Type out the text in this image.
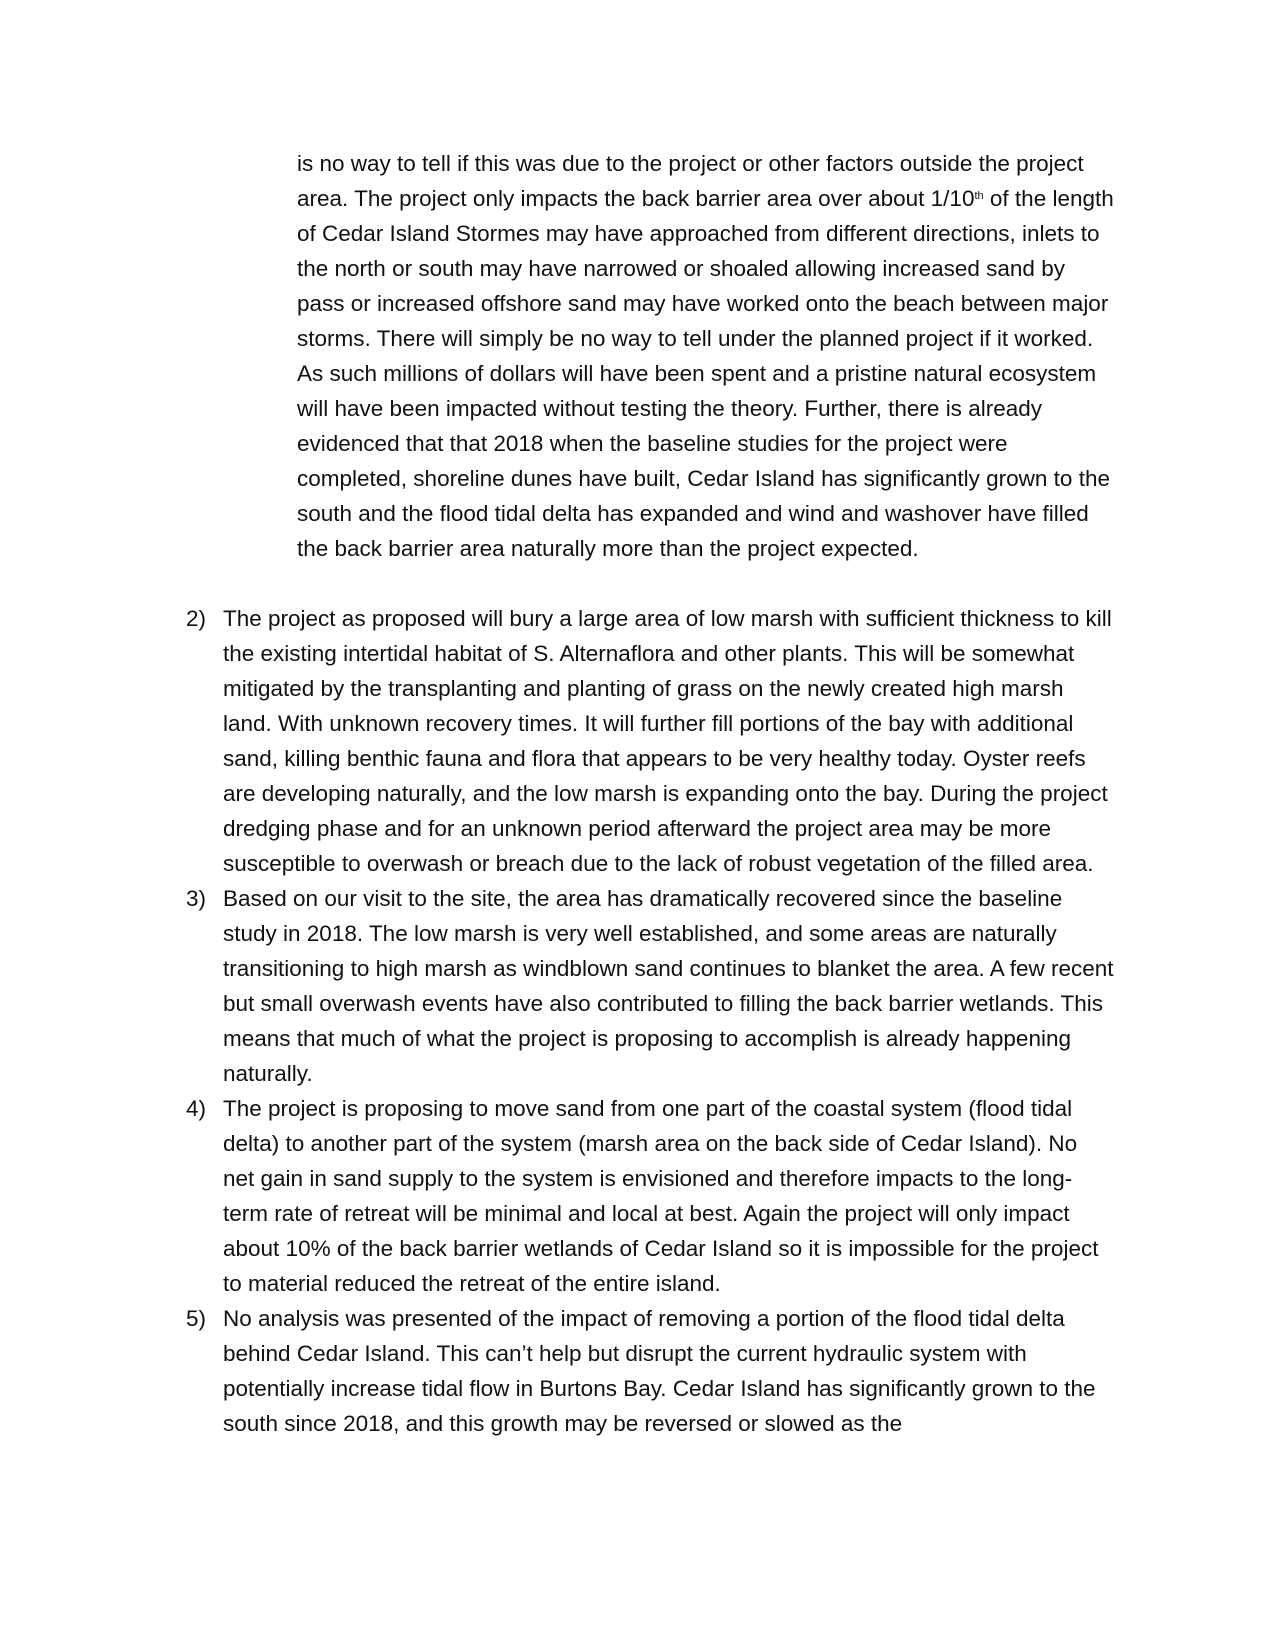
is no way to tell if this was due to the project or other factors outside the project area. The project only impacts the back barrier area over about 1/10th of the length of Cedar Island Stormes may have approached from different directions, inlets to the north or south may have narrowed or shoaled allowing increased sand by pass or increased offshore sand may have worked onto the beach between major storms. There will simply be no way to tell under the planned project if it worked. As such millions of dollars will have been spent and a pristine natural ecosystem will have been impacted without testing the theory. Further, there is already evidenced that that 2018 when the baseline studies for the project were completed, shoreline dunes have built, Cedar Island has significantly grown to the south and the flood tidal delta has expanded and wind and washover have filled the back barrier area naturally more than the project expected.

2) The project as proposed will bury a large area of low marsh with sufficient thickness to kill the existing intertidal habitat of S. Alternaflora and other plants. This will be somewhat mitigated by the transplanting and planting of grass on the newly created high marsh land. With unknown recovery times. It will further fill portions of the bay with additional sand, killing benthic fauna and flora that appears to be very healthy today. Oyster reefs are developing naturally, and the low marsh is expanding onto the bay. During the project dredging phase and for an unknown period afterward the project area may be more susceptible to overwash or breach due to the lack of robust vegetation of the filled area.
3) Based on our visit to the site, the area has dramatically recovered since the baseline study in 2018. The low marsh is very well established, and some areas are naturally transitioning to high marsh as windblown sand continues to blanket the area. A few recent but small overwash events have also contributed to filling the back barrier wetlands. This means that much of what the project is proposing to accomplish is already happening naturally.
4) The project is proposing to move sand from one part of the coastal system (flood tidal delta) to another part of the system (marsh area on the back side of Cedar Island). No net gain in sand supply to the system is envisioned and therefore impacts to the long-term rate of retreat will be minimal and local at best. Again the project will only impact about 10% of the back barrier wetlands of Cedar Island so it is impossible for the project to material reduced the retreat of the entire island.
5) No analysis was presented of the impact of removing a portion of the flood tidal delta behind Cedar Island. This can’t help but disrupt the current hydraulic system with potentially increase tidal flow in Burtons Bay. Cedar Island has significantly grown to the south since 2018, and this growth may be reversed or slowed as the
